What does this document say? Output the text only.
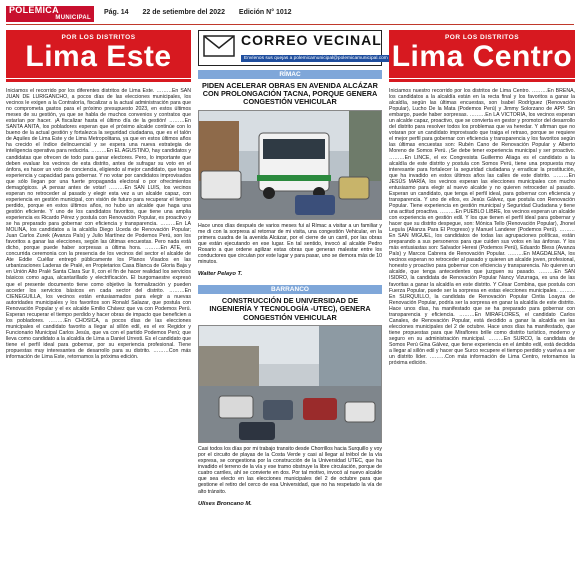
POLÉMICA
MUNICIPAL
Pág. 14 22 de setiembre del 2022 Edición N° 1012
POR LOS DISTRITOS
Lima Este
Iniciamos el recorrido por los diferentes distritos de Lima Este. ………En SAN JUAN DE LURIGANCHO, a pocos días de las elecciones municipales, los vecinos le exigen a la Contraloría, fiscalizar a la actual administración para que no comprometa gastos para el próximo presupuesto 2023, en estos últimos meses de su gestión, ya que se habla de muchos convenios y contratos que estarían por hacer. ¡A fiscalizar hasta el último día de la gestión! ………En SANTA ANITA, los pobladores esperan que el próximo alcalde continúe con lo bueno de la actual gestión y fortalezca la seguridad ciudadana, que es el talón de Aquiles de Lima Este y de Lima Metropolitana, ya que en estos últimos años ha crecido el índice delincuencial y se espera una nueva estrategia de inteligencia operativa para reducirla. ………En EL AGUSTINO, hay candidatos y candidatas que ofrecen de todo para ganar electores. Pero, lo importante que deben evaluar los vecinos de esta distrito, antes de sufragar su voto en el ánfora, es hacer un voto de conciencia, eligiendo al mejor candidato, que tenga experiencia y capacidad para gobernar. Y no votar por candidatos improvisados que sólo llegan por una fuerte propaganda electoral o por ofrecimientos demagógicos. ¡A pensar antes de votar! ………En SAN LUIS, los vecinos esperan no retroceder al pasado y elegir esta vez a un alcalde capaz, con experiencia en gestión municipal, con visión de futuro para recuperar el tiempo perdido, porque en estos últimos años, no hubo un alcalde que haga una gestión eficiente. Y uno de los candidatos favoritos, que tiene una amplia experiencia es Ricardo Pérez y postula con Renovación Popular, es proactivo y se ha preparado para gobernar con eficiencia y transparencia. ………En LA MOLINA, los candidatos a la alcaldía Diego Uceda de Renovación Popular; Juan Carlos Zurek (Avanza País) y Julio Martínez de Podemos Perú, son los favoritos a ganar las elecciones, según las últimas encuestas. Pero nada está dicho, porque puede haber sorpresas a última hora. ………En ATE, en concurrida ceremonia con la presencia de los vecinos del sector el alcalde de Ate Eddie Cuéllar entregó públicamente los Planos Visados en las urbanizaciones Laderas de Pralé, en Propietarios Casa Blanca de Gloria Baja y en Unión Alto Pralé Santa Clara Sur II, con el fin de hacer realidad los servicios básicos como agua, alcantarillado y electrificación. El burgomaestre expresó que el presente documento tiene como objetivo la formalización y pueden acceder los servicios básicos en cada sector del distrito. ………En CIENEGUILLA, los vecinos están entusiasmados para elegir a nuevas autoridades municipales y los favoritos son Ronald Salazar, que postula con Renovación Popular y el ex alcalde Emilio Chávez que va con Podemos Perú. Esperan recuperar el tiempo perdido y hacer obras de impacto que beneficien a los pobladores. ………En CHOSICA, a pocos días de las elecciones municipales el candidato favorito a llegar al sillón edil, es el ex Regidor y Funcionario Municipal Carlos Jesús, que va con el partido Podemos Perú; que lleva como candidato a la alcaldía de Lima a Daniel Urresti. Es el candidato que tiene el perfil ideal para gobernar, por su experiencia profesional. Tiene propuestas muy interesantes de desarrollo para su distrito. ………Con más información de Lima Este, retornamos la próxima edición.
CORREO VECINAL
Envíenos sus quejas a polemicamunicipal@polemicamunicipal.com
RÍMAC
PIDEN ACELERAR OBRAS EN AVENIDA ALCÁZAR CON PROLONGACIÓN TACNA, PORQUE GENERA CONGESTIÓN VEHICULAR
Hace unos días después de varios meses fui al Rímac a visitar a un familiar y me di con la sorpresa al retornar de mi visita, una congestión Vehicular, en la primera cuadra de la avenida Alcázar, por el cierre de un carril, por las obras que están ejecutando en ese lugar. En tal sentido, invocó al alcalde Pedro Rosario a que ordene agilizar estas obras que generan malestar entre los conductores que circulan por este lugar y para pasar, uno se demora más de 10 minutos.
Walter Pelayo T.
BARRANCO
CONSTRUCCIÓN DE UNIVERSIDAD DE INGENIERÍA Y TECNOLOGÍA -UTEC), GENERA CONGESTIÓN VEHICULAR
Casi todos los días por mi trabajo transito desde Chorrillos hacia Surquillo y voy por el circuito de playas de la Costa Verde y casi al llegar al trébol de la vía expresa, se congestiona por la construcción de la Universidad UTEC, que ha invadido el terreno de la vía y ese tramo obstruye la libre circulación, porque de cuatro carriles, ahí se convierte en dos. Por tal motivo, invocó al nuevo alcalde que sea electo en las elecciones municipales del 2 de octubre para que gestione el retiro del cerco de esa Universidad, que no ha respetado la vía de alto tránsito.
Ulises Broncano M.
POR LOS DISTRITOS
Lima Centro
Iniciamos nuestro recorrido por los distritos de Lima Centro. ………En BREÑA, los candidatos a la alcaldía están en la recta final y los favoritos a ganar la alcaldía, según las últimas encuestas, son Isabel Rodríguez (Renovación Popular), Lucho De la Mata (Podemos Perú) y Jimmy Solorzano de APP. Sin embargo, puede haber sorpresas. ………En LA VICTORIA, los vecinos esperan un alcalde capaz, proactivo, que se convierta en gestor y promotor del desarrollo del distrito para resolver todos los problemas que va heredar. Y afirman que no votaran por un candidato improvisado que traiga el retraso, porque se requiere el mejor perfil para gobernar con eficiencia y transparencia y los favoritos según las últimas encuestas son: Rubén Cano de Renovación Popular y Alberto Moreno de Somos Perú. ¡Se debe tener experiencia municipal y ser proactivo. ………En LINCE, el ex Congresista Guillermo Aliaga es el candidato a la alcaldía de este distrito y postula con Somos Perú, tiene una propuesta muy interesante para fortalecer la seguridad ciudadana y erradicar la prostitución, que ha invadido en estos últimos años las calles de este distrito. ………En JESÚS MARÍA, los vecinos esperan las elecciones municipales con mucho entusiasmo para elegir al nuevo alcalde y no quieren retroceder al pasado. Esperan un candidato, que tenga el perfil ideal, para gobernar con eficiencia y transparencia. Y uno de ellos, es Jesús Gálvez, que postula con Renovación Popular. Tiene experiencia en gestión municipal y Seguridad Ciudadana y tiene una actitud proactiva. ………En PUEBLO LIBRE, los vecinos esperan un alcalde con experiencia en gestión edil. Y los que tienen el perfil ideal para gobernar y hacer que su distrito despegue, son: Mónica Tello (Renovación Popular), Jhonel Leguía (Alianza Para El Progreso) y Manuel Landerer (Podemos Perú). ………En SAN MIGUEL, los candidatos de todas las agrupaciones políticas, están preparando a sus personeros para que cuiden sus votos en las ánforas. Y los más entusiastas son: Salvador Heresi (Podemos Perú), Eduardo Bless (Avanza País) y Marcos Cabrera de Renovación Popular. ………En MAGDALENA, los vecinos esperan no retroceder al pasado y quieren un alcalde joven, profesional, honesto y proactivo para gobernar con eficiencia y transparencia. No quieren un alcalde, que tenga antecedentes que juzguen su pasado. ………En SAN ISIDRO, la candidata de Renovación Popular Nancy Vizurraga, es una de las favoritas a ganar la alcaldía en este distrito. Y César Combina, que postula con Fuerza Popular, puede ser la sorpresa en estas elecciones municipales. ………En SURQUILLO, la candidata de Renovación Popular Cintia Loayza de Renovación Popular, podría ser la sorpresa en ganar la alcaldía de este distrito. Hace unos días, ha manifestado que se ha preparado para gobernar con transparencia y eficiencia. ………En MIRAFLORES, el candidato Carlos Canales, de Renovación Popular, está decidido a ganar la alcaldía en las elecciones municipales del 2 de octubre. Hace unos días ha manifestado, que tiene propuestas para que Miraflores brille como distrito turístico, moderno y seguro en su administración municipal. ………En SURCO, la candidata de Somos Perú Gina Gálvez, que tiene experiencia en el ámbito edil, está decidida a llegar al sillón edil y hacer que Surco recupere el tiempo perdido y vuelva a ser un distrito líder. ………Con más información de Lima Centro, retornamos la próxima edición.
